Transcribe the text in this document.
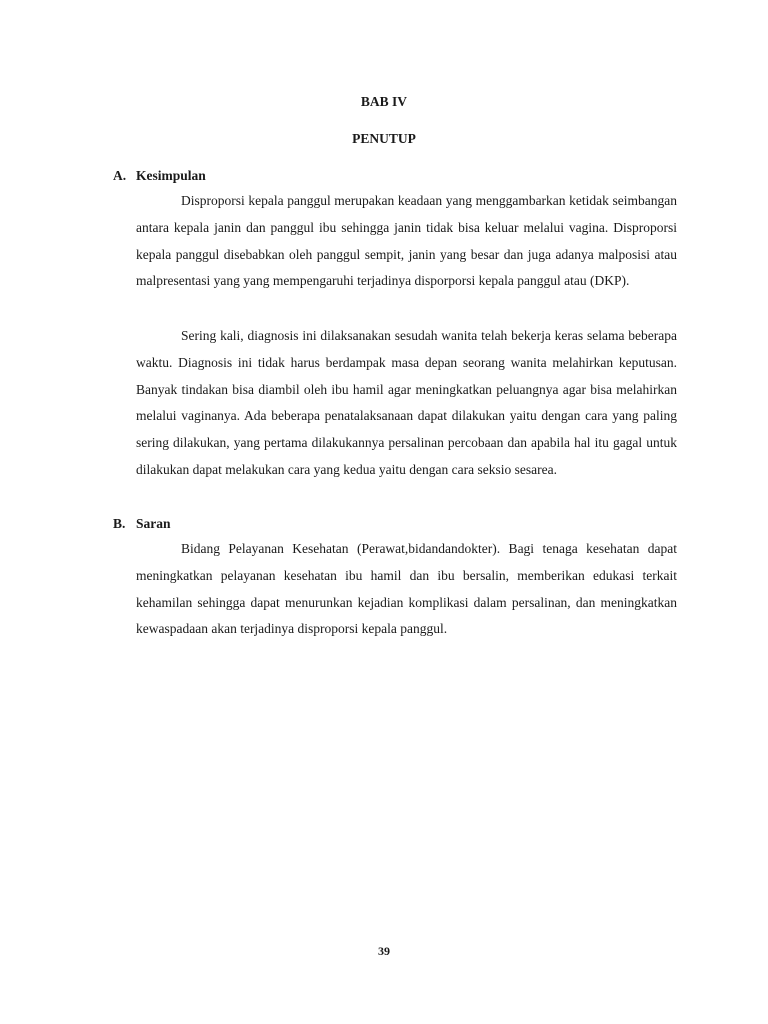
BAB IV
PENUTUP
A. Kesimpulan

Disproporsi kepala panggul merupakan keadaan yang menggambarkan ketidak seimbangan antara kepala janin dan panggul ibu sehingga janin tidak bisa keluar melalui vagina. Disproporsi kepala panggul disebabkan oleh panggul sempit, janin yang besar dan juga adanya malposisi atau malpresentasi yang yang mempengaruhi terjadinya disporporsi kepala panggul atau (DKP).

Sering kali, diagnosis ini dilaksanakan sesudah wanita telah bekerja keras selama beberapa waktu. Diagnosis ini tidak harus berdampak masa depan seorang wanita melahirkan keputusan. Banyak tindakan bisa diambil oleh ibu hamil agar meningkatkan peluangnya agar bisa melahirkan melalui vaginanya. Ada beberapa penatalaksanaan dapat dilakukan yaitu dengan cara yang paling sering dilakukan, yang pertama dilakukannya persalinan percobaan dan apabila hal itu gagal untuk dilakukan dapat melakukan cara yang kedua yaitu dengan cara seksio sesarea.

B. Saran

Bidang Pelayanan Kesehatan (Perawat,bidandandokter). Bagi tenaga kesehatan dapat meningkatkan pelayanan kesehatan ibu hamil dan ibu bersalin, memberikan edukasi terkait kehamilan sehingga dapat menurunkan kejadian komplikasi dalam persalinan, dan meningkatkan kewaspadaan akan terjadinya disproporsi kepala panggul.

39
